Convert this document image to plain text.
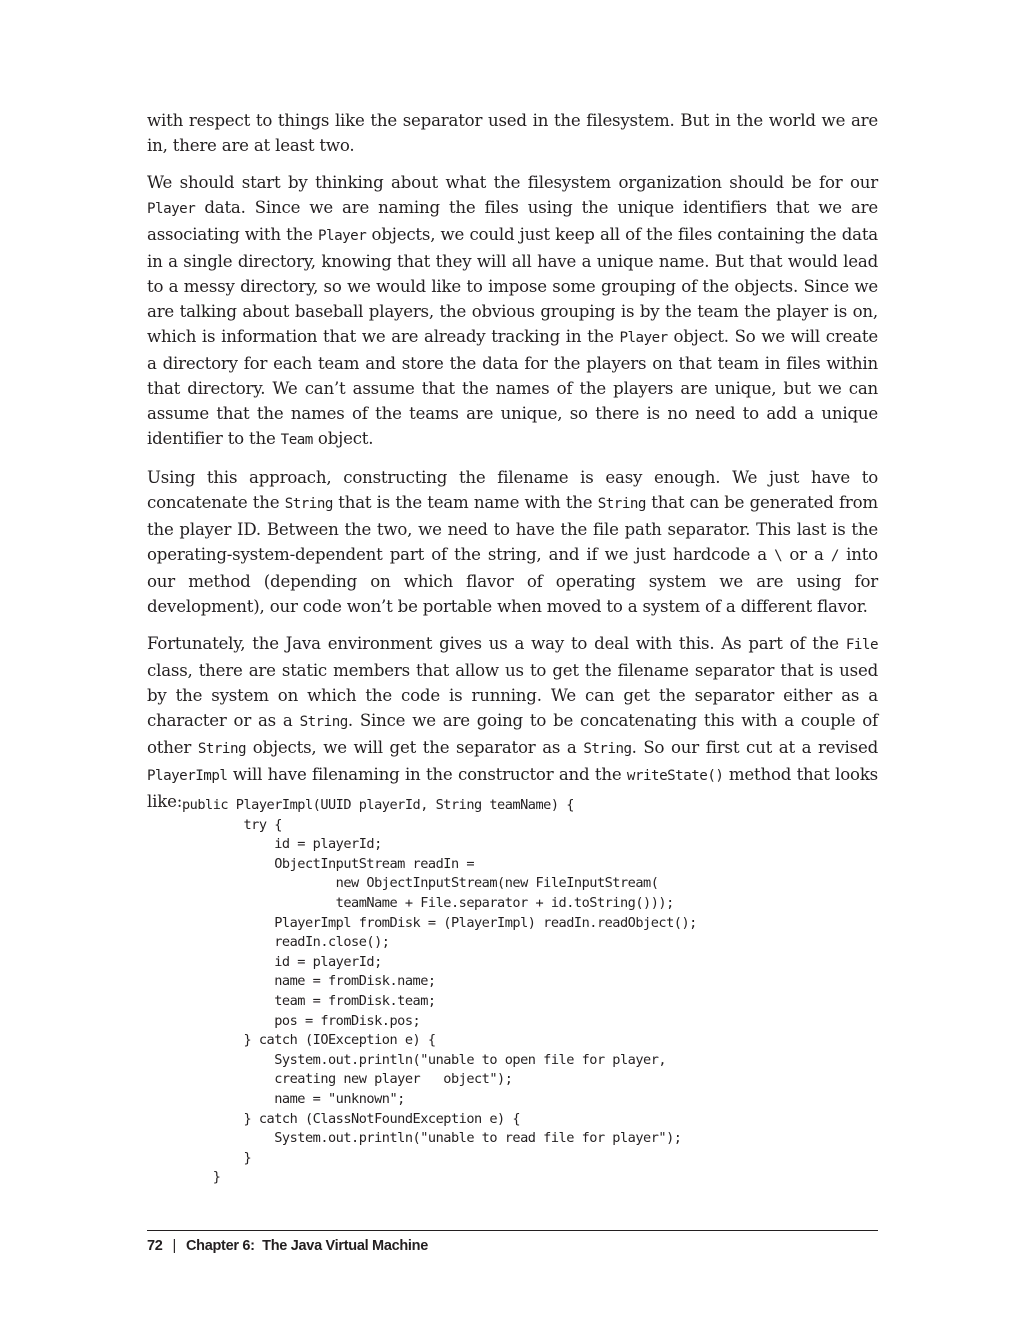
with respect to things like the separator used in the filesystem. But in the world we are in, there are at least two.

We should start by thinking about what the filesystem organization should be for our Player data. Since we are naming the files using the unique identifiers that we are associating with the Player objects, we could just keep all of the files containing the data in a single directory, knowing that they will all have a unique name. But that would lead to a messy directory, so we would like to impose some grouping of the objects. Since we are talking about baseball players, the obvious grouping is by the team the player is on, which is information that we are already tracking in the Player object. So we will create a directory for each team and store the data for the players on that team in files within that directory. We can’t assume that the names of the players are unique, but we can assume that the names of the teams are unique, so there is no need to add a unique identifier to the Team object.

Using this approach, constructing the filename is easy enough. We just have to concatenate the String that is the team name with the String that can be generated from the player ID. Between the two, we need to have the file path separator. This last is the operating-system-dependent part of the string, and if we just hardcode a \ or a / into our method (depending on which flavor of operating system we are using for development), our code won’t be portable when moved to a system of a different flavor.

Fortunately, the Java environment gives us a way to deal with this. As part of the File class, there are static members that allow us to get the filename separator that is used by the system on which the code is running. We can get the separator either as a character or as a String. Since we are going to be concatenating this with a couple of other String objects, we will get the separator as a String. So our first cut at a revised PlayerImpl will have filenaming in the constructor and the writeState() method that looks like: public PlayerImpl(UUID playerId, String teamName) {
try {
id = playerId;
ObjectInputStream readIn =
new ObjectInputStream(new FileInputStream(
teamName + File.separator + id.toString()));
PlayerImpl fromDisk = (PlayerImpl) readIn.readObject();
readIn.close();
id = playerId;
name = fromDisk.name;
team = fromDisk.team;
pos = fromDisk.pos;
} catch (IOException e) {
System.out.println("unable to open file for player,
creating new player   object");
name = "unknown";
} catch (ClassNotFoundException e) {
System.out.println("unable to read file for player");
}
}
72 | Chapter 6:  The Java Virtual Machine
